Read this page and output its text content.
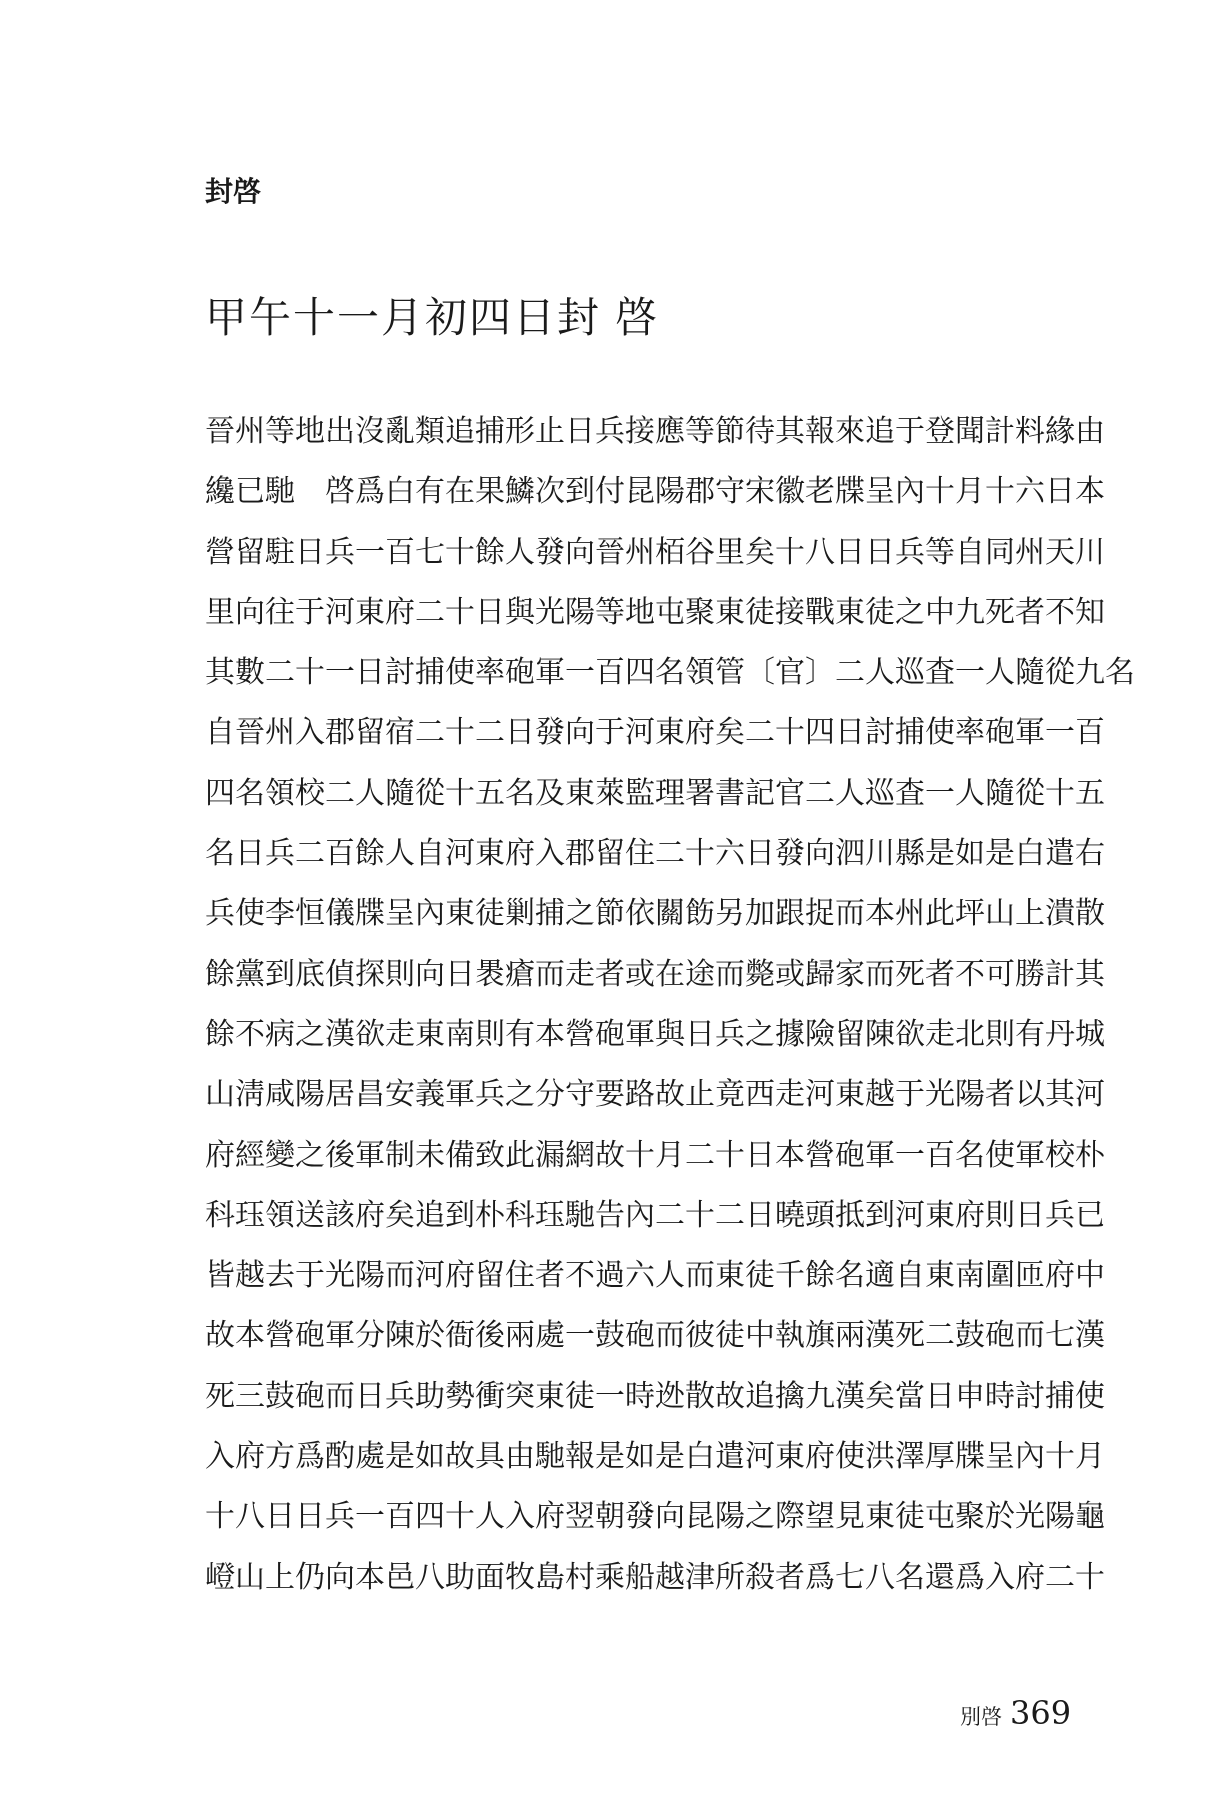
封啓
甲午十一月初四日封 啓
晉州等地出沒亂類追捕形止日兵接應等節待其報來追于登聞計料緣由
纔已馳　啓爲白有在果鱗次到付昆陽郡守宋徽老牒呈內十月十六日本
營留駐日兵一百七十餘人發向晉州栢谷里矣十八日日兵等自同州天川
里向往于河東府二十日與光陽等地屯聚東徒接戰東徒之中九死者不知
其數二十一日討捕使率砲軍一百四名領管〔官〕二人巡査一人隨從九名
自晉州入郡留宿二十二日發向于河東府矣二十四日討捕使率砲軍一百
四名領校二人隨從十五名及東萊監理署書記官二人巡査一人隨從十五
名日兵二百餘人自河東府入郡留住二十六日發向泗川縣是如是白遣右
兵使李恒儀牒呈內東徒剿捕之節依關飭另加跟捉而本州此坪山上潰散
餘黨到底偵探則向日褁瘡而走者或在途而斃或歸家而死者不可勝計其
餘不病之漢欲走東南則有本營砲軍與日兵之據險留陳欲走北則有丹城
山淸咸陽居昌安義軍兵之分守要路故止竟西走河東越于光陽者以其河
府經變之後軍制未備致此漏網故十月二十日本營砲軍一百名使軍校朴
科珏領送該府矣追到朴科珏馳告內二十二日曉頭抵到河東府則日兵已
皆越去于光陽而河府留住者不過六人而東徒千餘名適自東南圍匝府中
故本營砲軍分陳於衙後兩處一鼓砲而彼徒中執旗兩漢死二鼓砲而七漢
死三鼓砲而日兵助勢衝突東徒一時迯散故追擒九漢矣當日申時討捕使
入府方爲酌處是如故具由馳報是如是白遣河東府使洪澤厚牒呈內十月
十八日日兵一百四十人入府翌朝發向昆陽之際望見東徒屯聚於光陽龜
嶝山上仍向本邑八助面牧島村乘船越津所殺者爲七八名還爲入府二十
別啓 369
